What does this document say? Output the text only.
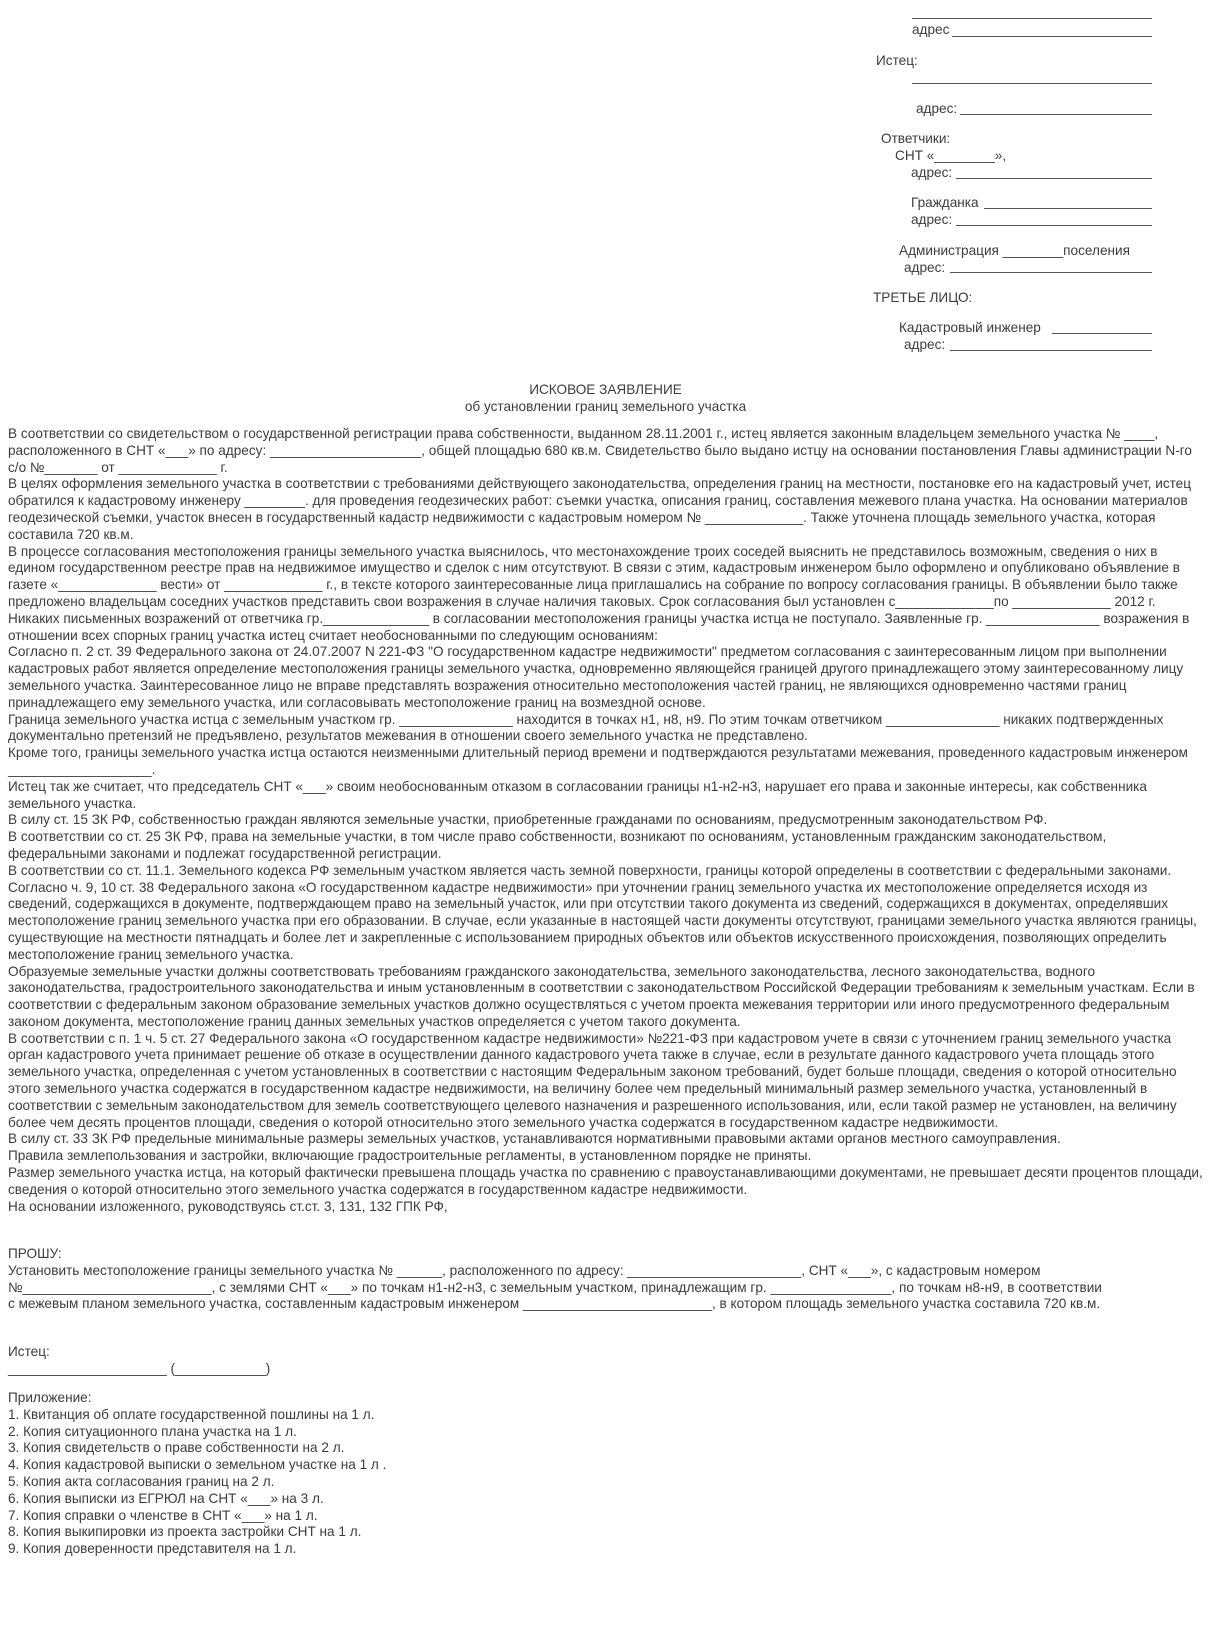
адрес
Истец:
адрес:
Ответчики:
СНТ «________»,
адрес:
Гражданка
адрес:
Администрация ________поселения
адрес:
ТРЕТЬЕ ЛИЦО:
Кадастровый инженер
адрес:
ИСКОВОЕ ЗАЯВЛЕНИЕ
об установлении границ земельного участка

В соответствии со свидетельством о государственной регистрации права собственности, выданном 28.11.2001 г., истец является законным владельцем земельного участка № ____, расположенного в СНТ «___» по адресу: ____________________, общей площадью 680 кв.м. Свидетельство было выдано истцу на основании постановления Главы администрации N-го с/о №_______ от _____________ г.

В целях оформления земельного участка в соответствии с требованиями действующего законодательства, определения границ на местности, постановке его на кадастровый учет, истец обратился к кадастровому инженеру ________. для проведения геодезических работ: съемки участка, описания границ, составления межевого плана участка. На основании материалов геодезической съемки, участок внесен в государственный кадастр недвижимости с кадастровым номером № _____________. Также уточнена площадь земельного участка, которая составила 720 кв.м.

В процессе согласования местоположения границы земельного участка выяснилось, что местонахождение троих соседей выяснить не представилось возможным, сведения о них в едином государственном реестре прав на недвижимое имущество и сделок с ним отсутствуют. В связи с этим, кадастровым инженером было оформлено и опубликовано объявление в газете «_____________ вести» от _____________ г., в тексте которого заинтересованные лица приглашались на собрание по вопросу согласования границы. В объявлении было также предложено владельцам соседних участков представить свои возражения в случае наличия таковых. Срок согласования был установлен с_____________по _____________ 2012 г.

Никаких письменных возражений от ответчика гр.______________ в согласовании местоположения границы участка истца не поступало. Заявленные гр. _______________ возражения в отношении всех спорных границ участка истец считает необоснованными по следующим основаниям:

Согласно п. 2 ст. 39 Федерального закона от 24.07.2007 N 221-ФЗ "О государственном кадастре недвижимости" предметом согласования с заинтересованным лицом при выполнении кадастровых работ является определение местоположения границы земельного участка, одновременно являющейся границей другого принадлежащего этому заинтересованному лицу земельного участка. Заинтересованное лицо не вправе представлять возражения относительно местоположения частей границ, не являющихся одновременно частями границ принадлежащего ему земельного участка, или согласовывать местоположение границ на возмездной основе.

Граница земельного участка истца с земельным участком гр. _______________ находится в точках н1, н8, н9. По этим точкам ответчиком _______________ никаких подтвержденных документально претензий не предъявлено, результатов межевания в отношении своего земельного участка не представлено.

Кроме того, границы земельного участка истца остаются неизменными длительный период времени и подтверждаются результатами межевания, проведенного кадастровым инженером ___________________.

Истец так же считает, что председатель СНТ «___» своим необоснованным отказом в согласовании границы н1-н2-н3, нарушает его права и законные интересы, как собственника земельного участка.

В силу ст. 15 ЗК РФ, собственностью граждан являются земельные участки, приобретенные гражданами по основаниям, предусмотренным законодательством РФ.

В соответствии со ст. 25 ЗК РФ, права на земельные участки, в том числе право собственности, возникают по основаниям, установленным гражданским законодательством, федеральными законами и подлежат государственной регистрации.

В соответствии со ст. 11.1. Земельного кодекса РФ земельным участком является часть земной поверхности, границы которой определены в соответствии с федеральными законами.

Согласно ч. 9, 10 ст. 38 Федерального закона «О государственном кадастре недвижимости» при уточнении границ земельного участка их местоположение определяется исходя из сведений, содержащихся в документе, подтверждающем право на земельный участок, или при отсутствии такого документа из сведений, содержащихся в документах, определявших местоположение границ земельного участка при его образовании. В случае, если указанные в настоящей части документы отсутствуют, границами земельного участка являются границы, существующие на местности пятнадцать и более лет и закрепленные с использованием природных объектов или объектов искусственного происхождения, позволяющих определить местоположение границ земельного участка.

Образуемые земельные участки должны соответствовать требованиям гражданского законодательства, земельного законодательства, лесного законодательства, водного законодательства, градостроительного законодательства и иным установленным в соответствии с законодательством Российской Федерации требованиям к земельным участкам. Если в соответствии с федеральным законом образование земельных участков должно осуществляться с учетом проекта межевания территории или иного предусмотренного федеральным законом документа, местоположение границ данных земельных участков определяется с учетом такого документа.

В соответствии с п. 1 ч. 5 ст. 27 Федерального закона «О государственном кадастре недвижимости» №221-ФЗ при кадастровом учете в связи с уточнением границ земельного участка орган кадастрового учета принимает решение об отказе в осуществлении данного кадастрового учета также в случае, если в результате данного кадастрового учета площадь этого земельного участка, определенная с учетом установленных в соответствии с настоящим Федеральным законом требований, будет больше площади, сведения о которой относительно этого земельного участка содержатся в государственном кадастре недвижимости, на величину более чем предельный минимальный размер земельного участка, установленный в соответствии с земельным законодательством для земель соответствующего целевого назначения и разрешенного использования, или, если такой размер не установлен, на величину более чем десять процентов площади, сведения о которой относительно этого земельного участка содержатся в государственном кадастре недвижимости.

В силу ст. 33 ЗК РФ предельные минимальные размеры земельных участков, устанавливаются нормативными правовыми актами органов местного самоуправления.

Правила землепользования и застройки, включающие градостроительные регламенты, в установленном порядке не приняты.

Размер земельного участка истца, на который фактически превышена площадь участка по сравнению с правоустанавливающими документами, не превышает десяти процентов площади, сведения о которой относительно этого земельного участка содержатся в государственном кадастре недвижимости.

На основании изложенного, руководствуясь ст.ст. 3, 131, 132 ГПК РФ,

ПРОШУ:
Установить местоположение границы земельного участка № ______, расположенного по адресу: _______________________, СНТ «___», с кадастровым номером
№_________________________, с землями СНТ «___» по точкам н1-н2-н3, с земельным участком, принадлежащим гр. ________________, по точкам н8-н9, в соответствии
с межевым планом земельного участка, составленным кадастровым инженером _________________________, в котором площадь земельного участка составила 720 кв.м.
Истец:
_____________________ (____________)
Приложение:
1. Квитанция об оплате государственной пошлины на 1 л.
2. Копия ситуационного плана участка на 1 л.
3. Копия свидетельств о праве собственности на 2 л.
4. Копия кадастровой выписки о земельном участке на 1 л .
5. Копия акта согласования границ на 2 л.
6. Копия выписки из ЕГРЮЛ на СНТ «___» на 3 л.
7. Копия справки о членстве в СНТ «___» на 1 л.
8. Копия выкипировки из проекта застройки СНТ на 1 л.
9. Копия доверенности представителя на 1 л.
